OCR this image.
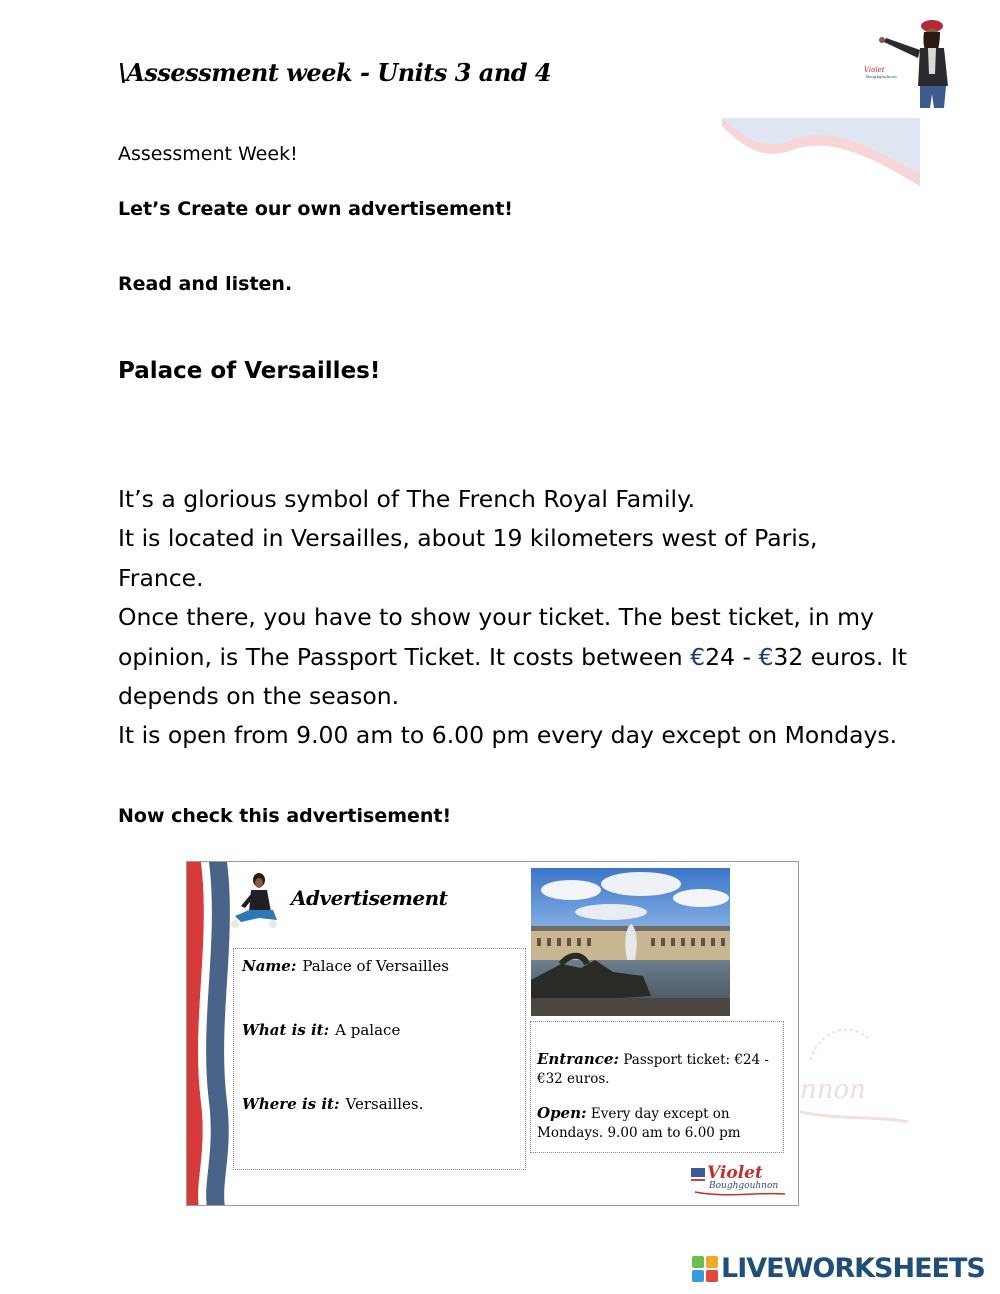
\Assessment week - Units 3 and 4	Violet
Boughgouhnon
Assessment Week!
Let’s Create our own advertisement!
Read and listen.
Palace of Versailles!

It’s a glorious symbol of The French Royal Family.

It is located in Versailles, about 19 kilometers west of Paris, France.

Once there, you have to show your ticket. The best ticket, in my opinion, is The Passport Ticket. It costs between €24 - €32 euros. It depends on the season.

It is open from 9.00 am to 6.00 pm every day except on Mondays.

Now check this advertisement!
nnon
Advertisement
Name: Palace of Versailles
What is it: A palace
Where is it: Versailles.
Entrance: Passport ticket: €24 - €32 euros.
Open: Every day except on Mondays. 9.00 am to 6.00 pm
Violet
Boughgouhnon
LIVEWORKSHEETS
